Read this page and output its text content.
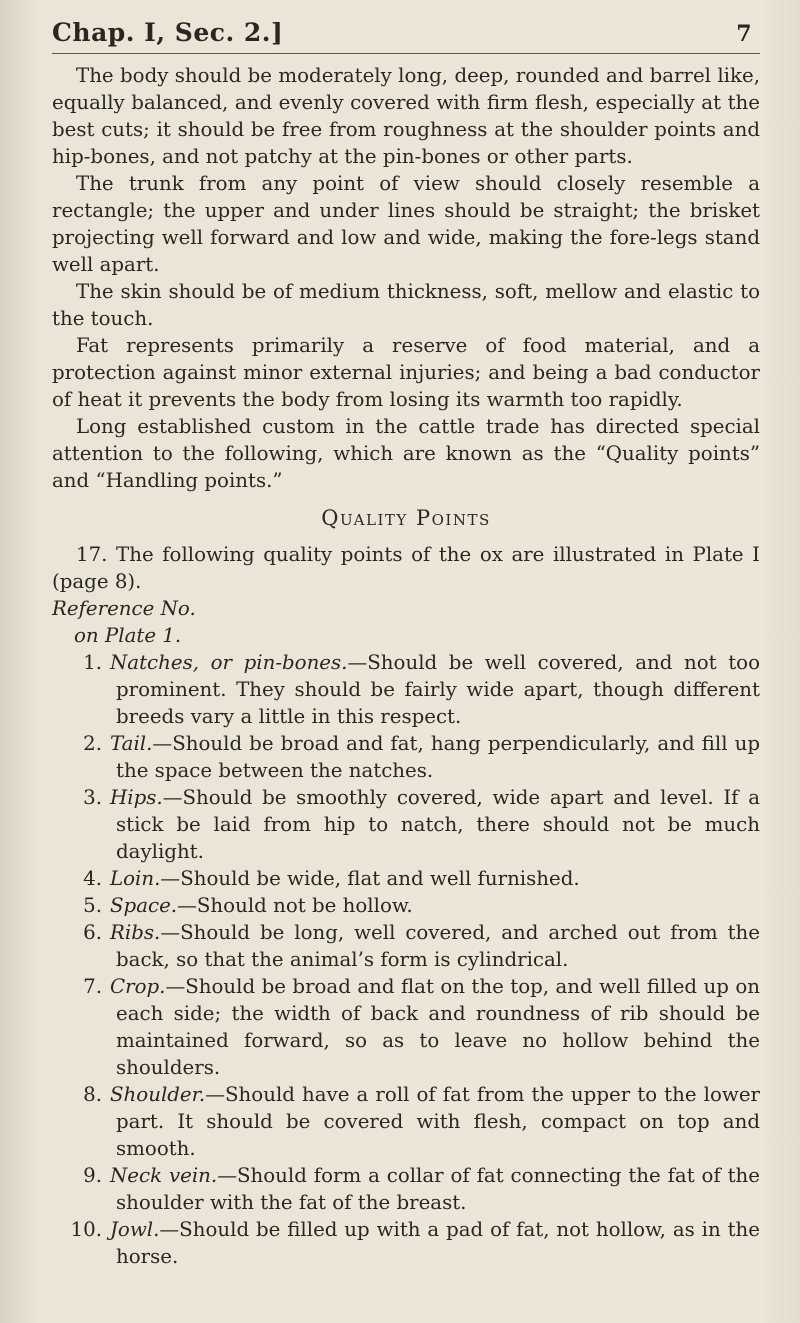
Chap. I, Sec. 2.]	7

The body should be moderately long, deep, rounded and barrel like, equally balanced, and evenly covered with firm flesh, especially at the best cuts; it should be free from roughness at the shoulder points and hip-bones, and not patchy at the pin-bones or other parts.

The trunk from any point of view should closely resemble a rectangle; the upper and under lines should be straight; the brisket projecting well forward and low and wide, making the fore-legs stand well apart.

The skin should be of medium thickness, soft, mellow and elastic to the touch.

Fat represents primarily a reserve of food material, and a protection against minor external injuries; and being a bad conductor of heat it prevents the body from losing its warmth too rapidly.

Long established custom in the cattle trade has directed special attention to the following, which are known as the “Quality points” and “Handling points.”

Quality Points

17. The following quality points of the ox are illustrated in Plate I (page 8).

Reference No.
on Plate 1.
1. Natches, or pin-bones.—Should be well covered, and not too prominent. They should be fairly wide apart, though different breeds vary a little in this respect.
2. Tail.—Should be broad and fat, hang perpendicularly, and fill up the space between the natches.
3. Hips.—Should be smoothly covered, wide apart and level. If a stick be laid from hip to natch, there should not be much daylight.
4. Loin.—Should be wide, flat and well furnished.
5. Space.—Should not be hollow.
6. Ribs.—Should be long, well covered, and arched out from the back, so that the animal’s form is cylindrical.
7. Crop.—Should be broad and flat on the top, and well filled up on each side; the width of back and roundness of rib should be maintained forward, so as to leave no hollow behind the shoulders.
8. Shoulder.—Should have a roll of fat from the upper to the lower part. It should be covered with flesh, compact on top and smooth.
9. Neck vein.—Should form a collar of fat connecting the fat of the shoulder with the fat of the breast.
10. Jowl.—Should be filled up with a pad of fat, not hollow, as in the horse.
